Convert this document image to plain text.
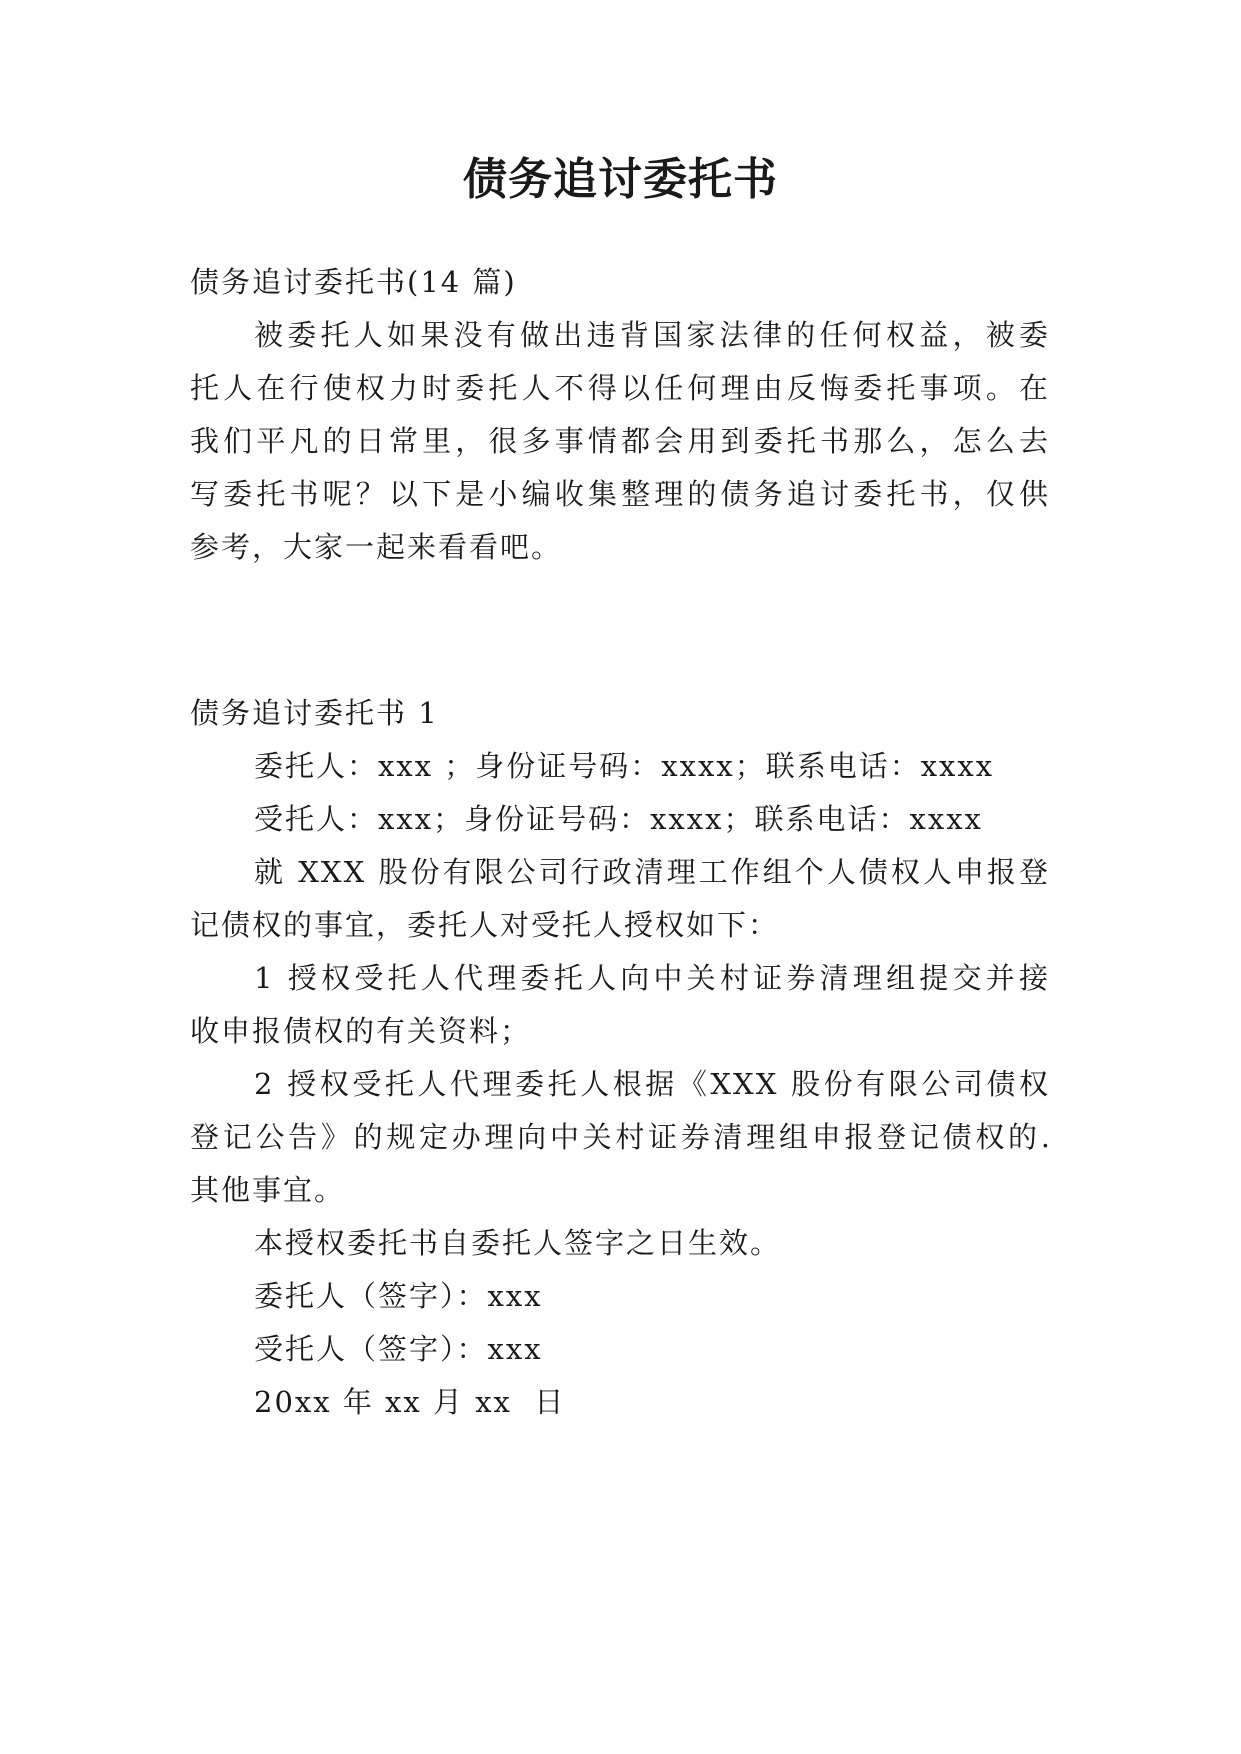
债务追讨委托书
债务追讨委托书(14 篇)
被委托人如果没有做出违背国家法律的任何权益，被委
托人在行使权力时委托人不得以任何理由反悔委托事项。在
我们平凡的日常里，很多事情都会用到委托书那么，怎么去
写委托书呢？以下是小编收集整理的债务追讨委托书，仅供
参考，大家一起来看看吧。
债务追讨委托书 1
委托人：xxx ；身份证号码：xxxx；联系电话：xxxx
受托人：xxx；身份证号码：xxxx；联系电话：xxxx
就 XXX 股份有限公司行政清理工作组个人债权人申报登
记债权的事宜，委托人对受托人授权如下：
1 授权受托人代理委托人向中关村证券清理组提交并接
收申报债权的有关资料；
2 授权受托人代理委托人根据《XXX 股份有限公司债权
登记公告》的规定办理向中关村证券清理组申报登记债权的.
其他事宜。
本授权委托书自委托人签字之日生效。
委托人（签字）：xxx
受托人（签字）：xxx
20xx 年 xx 月 xx  日
